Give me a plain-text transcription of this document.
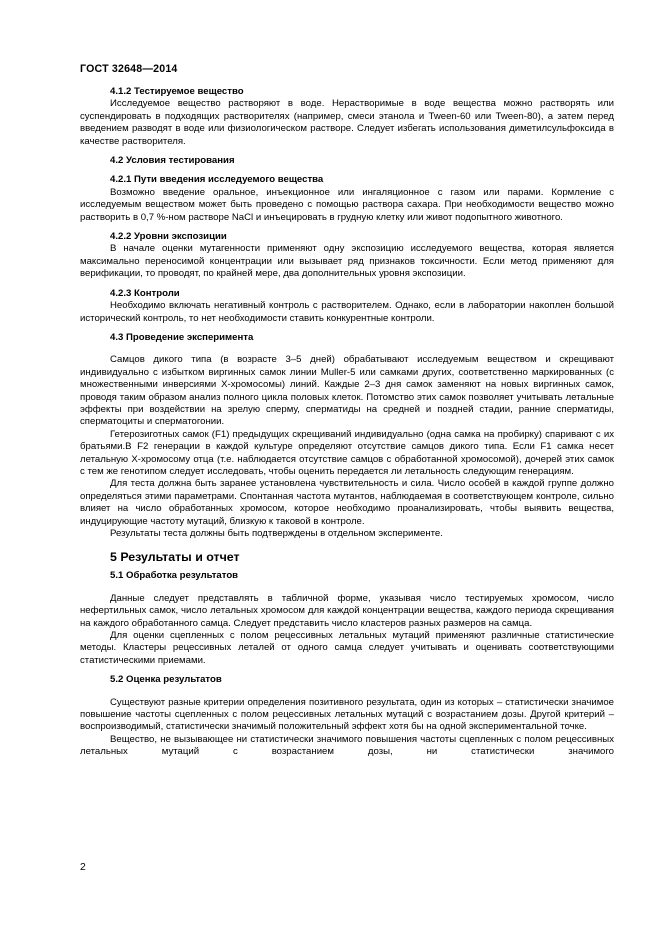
ГОСТ 32648—2014
4.1.2 Тестируемое вещество

Исследуемое вещество растворяют в воде. Нерастворимые в воде вещества можно растворять или суспендировать в подходящих растворителях (например, смеси этанола и Tween-60 или Tween-80), а затем перед введением разводят в воде или физиологическом растворе. Следует избегать использования диметилсульфоксида в качестве растворителя.

4.2 Условия тестирования
4.2.1 Пути введения исследуемого вещества

Возможно введение оральное, инъекционное или ингаляционное с газом или парами. Кормление с исследуемым веществом может быть проведено с помощью раствора сахара. При необходимости вещество можно растворить в 0,7 %-ном растворе NaCl и инъецировать в грудную клетку или живот подопытного животного.

4.2.2 Уровни экспозиции

В начале оценки мутагенности применяют одну экспозицию исследуемого вещества, которая является максимально переносимой концентрации или вызывает ряд признаков токсичности. Если метод применяют для верификации, то проводят, по крайней мере, два дополнительных уровня экспозиции.

4.2.3 Контроли

Необходимо включать негативный контроль с растворителем. Однако, если в лаборатории накоплен большой исторический контроль, то нет необходимости ставить конкурентные контроли.

4.3 Проведение эксперимента

Самцов дикого типа (в возрасте 3–5 дней) обрабатывают исследуемым веществом и скрещивают индивидуально с избытком виргинных самок линии Muller-5 или самками других, соответственно маркированных (с множественными инверсиями X-хромосомы) линий. Каждые 2–3 дня самок заменяют на новых виргинных самок, проводя таким образом анализ полного цикла половых клеток. Потомство этих самок позволяет учитывать летальные эффекты при воздействии на зрелую сперму, сперматиды на средней и поздней стадии, ранние сперматиды, сперматоциты и сперматогонии.

Гетерозиготных самок (F1) предыдущих скрещиваний индивидуально (одна самка на пробирку) спаривают с их братьями.В F2 генерации в каждой культуре определяют отсутствие самцов дикого типа. Если F1 самка несет летальную X-хромосому отца (т.е. наблюдается отсутствие самцов с обработанной хромосомой), дочерей этих самок с тем же генотипом следует исследовать, чтобы оценить передается ли летальность следующим генерациям.

Для теста должна быть заранее установлена чувствительность и сила. Число особей в каждой группе должно определяться этими параметрами. Спонтанная частота мутантов, наблюдаемая в соответствующем контроле, сильно влияет на число обработанных хромосом, которое необходимо проанализировать, чтобы выявить вещества, индуцирующие частоту мутаций, близкую к таковой в контроле.

Результаты теста должны быть подтверждены в отдельном эксперименте.

5 Результаты и отчет
5.1 Обработка результатов

Данные следует представлять в табличной форме, указывая число тестируемых хромосом, число нефертильных самок, число летальных хромосом для каждой концентрации вещества, каждого периода скрещивания на каждого обработанного самца. Следует представить число кластеров разных размеров на самца.

Для оценки сцепленных с полом рецессивных летальных мутаций применяют различные статистические методы. Кластеры рецессивных леталей от одного самца следует учитывать и оценивать соответствующими статистическими приемами.

5.2 Оценка результатов

Существуют разные критерии определения позитивного результата, один из которых – статистически значимое повышение частоты сцепленных с полом рецессивных летальных мутаций с возрастанием дозы. Другой критерий – воспроизводимый, статистически значимый положительный эффект хотя бы на одной экспериментальной точке.

Вещество, не вызывающее ни статистически значимого повышения частоты сцепленных с полом рецессивных летальных мутаций с возрастанием дозы, ни статистически значимого

2
